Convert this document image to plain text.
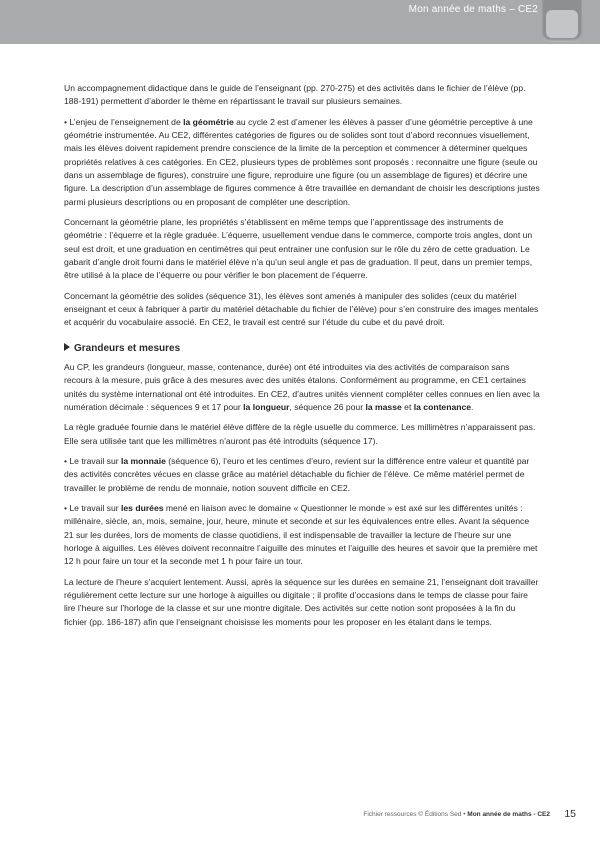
Mon année de maths – CE2

Un accompagnement didactique dans le guide de l’enseignant (pp. 270-275) et des activités dans le fichier de l’élève (pp. 188-191) permettent d’aborder le thème en répartissant le travail sur plusieurs semaines.

• L’enjeu de l’enseignement de la géométrie au cycle 2 est d’amener les élèves à passer d’une géométrie perceptive à une géométrie instrumentée. Au CE2, différentes catégories de figures ou de solides sont tout d’abord reconnues visuellement, mais les élèves doivent rapidement prendre conscience de la limite de la perception et commencer à déterminer quelques propriétés relatives à ces catégories. En CE2, plusieurs types de problèmes sont proposés : reconnaitre une figure (seule ou dans un assemblage de figures), construire une figure, reproduire une figure (ou un assemblage de figures) et décrire une figure. La description d’un assemblage de figures commence à être travaillée en demandant de choisir les descriptions justes parmi plusieurs descriptions ou en proposant de compléter une description.

Concernant la géométrie plane, les propriétés s’établissent en même temps que l’apprentissage des instruments de géométrie : l’équerre et la règle graduée. L’équerre, usuellement vendue dans le commerce, comporte trois angles, dont un seul est droit, et une graduation en centimètres qui peut entrainer une confusion sur le rôle du zéro de cette graduation. Le gabarit d’angle droit fourni dans le matériel élève n’a qu’un seul angle et pas de graduation. Il peut, dans un premier temps, être utilisé à la place de l’équerre ou pour vérifier le bon placement de l’équerre.

Concernant la géométrie des solides (séquence 31), les élèves sont amenés à manipuler des solides (ceux du matériel enseignant et ceux à fabriquer à partir du matériel détachable du fichier de l’élève) pour s’en construire des images mentales et acquérir du vocabulaire associé. En CE2, le travail est centré sur l’étude du cube et du pavé droit.

Grandeurs et mesures

Au CP, les grandeurs (longueur, masse, contenance, durée) ont été introduites via des activités de comparaison sans recours à la mesure, puis grâce à des mesures avec des unités étalons. Conformément au programme, en CE1 certaines unités du système international ont été introduites. En CE2, d’autres unités viennent compléter celles connues en lien avec la numération décimale : séquences 9 et 17 pour la longueur, séquence 26 pour la masse et la contenance.

La règle graduée fournie dans le matériel élève diffère de la règle usuelle du commerce. Les millimètres n’apparaissent pas. Elle sera utilisée tant que les millimètres n’auront pas été introduits (séquence 17).

• Le travail sur la monnaie (séquence 6), l’euro et les centimes d’euro, revient sur la différence entre valeur et quantité par des activités concrètes vécues en classe grâce au matériel détachable du fichier de l’élève. Ce même matériel permet de travailler le problème de rendu de monnaie, notion souvent difficile en CE2.

• Le travail sur les durées mené en liaison avec le domaine « Questionner le monde » est axé sur les différentes unités : millénaire, siècle, an, mois, semaine, jour, heure, minute et seconde et sur les équivalences entre elles. Avant la séquence 21 sur les durées, lors de moments de classe quotidiens, il est indispensable de travailler la lecture de l’heure sur une horloge à aiguilles. Les élèves doivent reconnaitre l’aiguille des minutes et l’aiguille des heures et savoir que la première met 12 h pour faire un tour et la seconde met 1 h pour faire un tour.

La lecture de l’heure s’acquiert lentement. Aussi, après la séquence sur les durées en semaine 21, l’enseignant doit travailler régulièrement cette lecture sur une horloge à aiguilles ou digitale ; il profite d’occasions dans le temps de classe pour faire lire l’heure sur l’horloge de la classe et sur une montre digitale. Des activités sur cette notion sont proposées à la fin du fichier (pp. 186-187) afin que l’enseignant choisisse les moments pour les proposer en les étalant dans le temps.

Fichier ressources © Éditions Sed • Mon année de maths - CE2 15
